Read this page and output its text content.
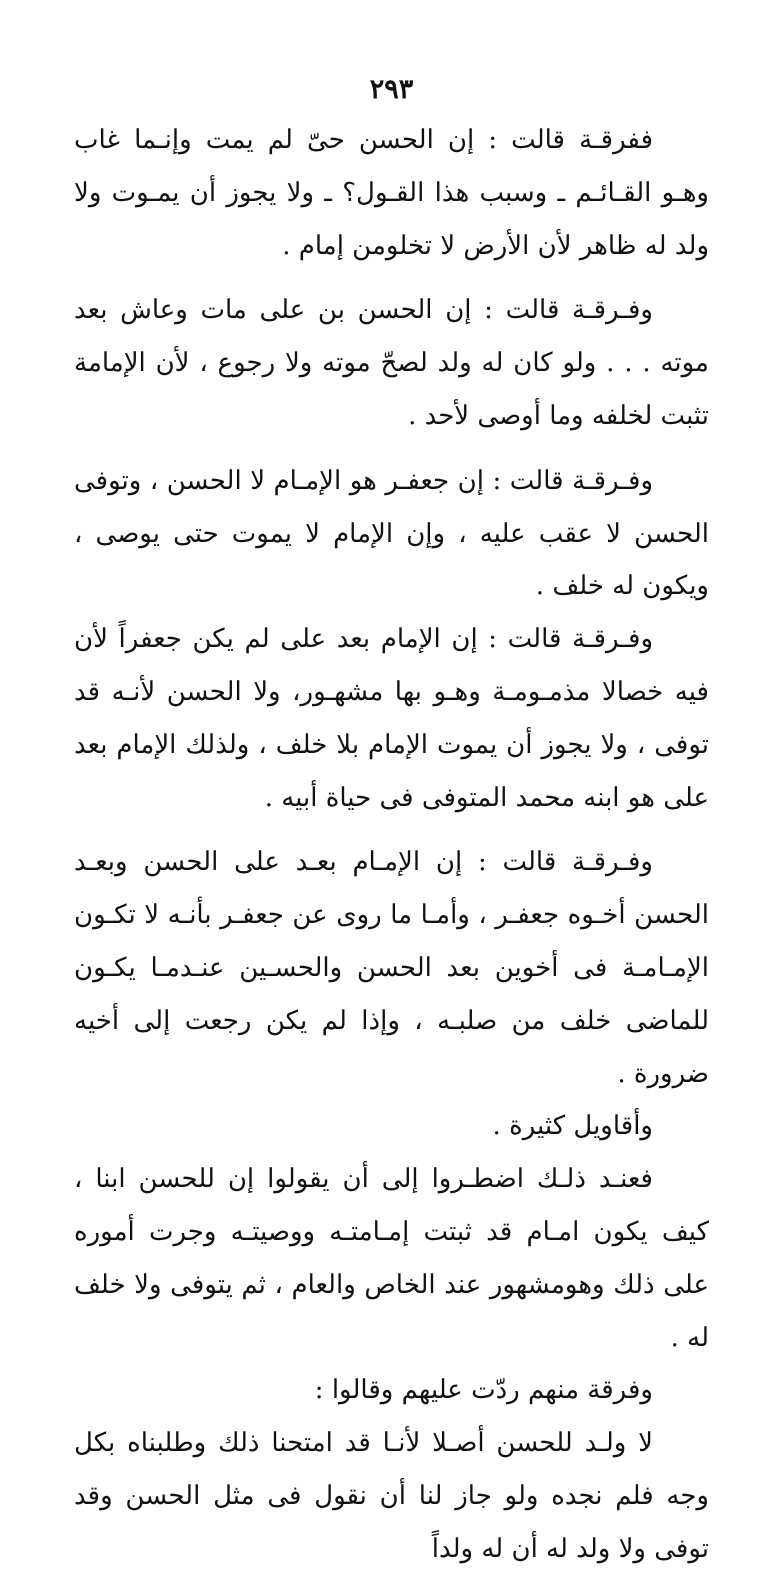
٢٩٣

ففرقـة قالت : إن الحسن حىّ لم يمت وإنـما غاب وهـو القـائـم ـ وسبب هذا القـول؟ ـ ولا يجوز أن يمـوت ولا ولد له ظاهر لأن الأرض لا تخلومن إمام .

وفـرقـة قالت : إن الحسن بن على مات وعاش بعد موته . . . ولو كان له ولد لصحّ موته ولا رجوع ، لأن الإمامة تثبت لخلفه وما أوصى لأحد .

وفـرقـة قالت : إن جعفـر هو الإمـام لا الحسن ، وتوفى الحسن لا عقب عليه ، وإن الإمام لا يموت حتى يوصى ، ويكون له خلف .

وفـرقـة قالت : إن الإمام بعد على لم يكن جعفراً لأن فيه خصالا مذمـومـة وهـو بها مشهـور، ولا الحسن لأنـه قد توفى ، ولا يجوز أن يموت الإمام بلا خلف ، ولذلك الإمام بعد على هو ابنه محمد المتوفى فى حياة أبيه .

وفـرقـة قالت : إن الإمـام بعـد على الحسن وبعـد الحسن أخـوه جعفـر ، وأمـا ما روى عن جعفـر بأنـه لا تكـون الإمـامـة فى أخوين بعد الحسن والحسـين عنـدمـا يكـون للماضى خلف من صلبـه ، وإذا لم يكن رجعت إلى أخيه ضرورة .

وأقاويل كثيرة .

فعنـد ذلـك اضطـروا إلى أن يقولوا إن للحسن ابنا ، كيف يكون امـام قد ثبتت إمـامتـه ووصيتـه وجرت أموره على ذلك وهومشهور عند الخاص والعام ، ثم يتوفى ولا خلف له .

وفرقة منهم ردّت عليهم وقالوا :

لا ولـد للحسن أصـلا لأنـا قد امتحنا ذلك وطلبناه بكل وجه فلم نجده ولو جاز لنا أن نقول فى مثل الحسن وقد توفى ولا ولد له أن له ولداً
